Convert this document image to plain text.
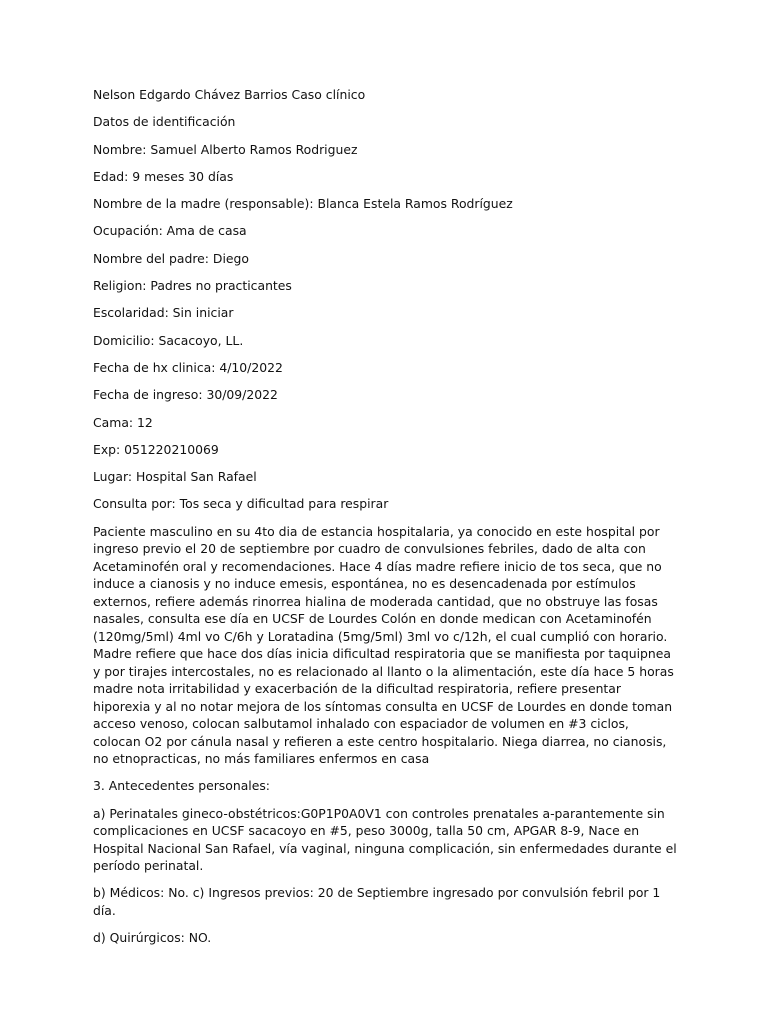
Nelson Edgardo Chávez Barrios Caso clínico

Datos de identificación

Nombre: Samuel Alberto Ramos Rodriguez

Edad: 9 meses 30 días

Nombre de la madre (responsable): Blanca Estela Ramos Rodríguez

Ocupación: Ama de casa

Nombre del padre: Diego

Religion: Padres no practicantes

Escolaridad: Sin iniciar

Domicilio: Sacacoyo, LL.

Fecha de hx clinica: 4/10/2022

Fecha de ingreso: 30/09/2022

Cama: 12

Exp: 051220210069

Lugar: Hospital San Rafael

Consulta por: Tos seca y dificultad para respirar

Paciente masculino en su 4to dia de estancia hospitalaria, ya conocido en este hospital por ingreso previo el 20 de septiembre por cuadro de convulsiones febriles, dado de alta con Acetaminofén oral y recomendaciones. Hace 4 días madre refiere inicio de tos seca, que no induce a cianosis y no induce emesis, espontánea, no es desencadenada por estímulos externos, refiere además rinorrea hialina de moderada cantidad, que no obstruye las fosas nasales, consulta ese día en UCSF de Lourdes Colón en donde medican con Acetaminofén (120mg/5ml) 4ml vo C/6h y Loratadina (5mg/5ml) 3ml vo c/12h, el cual cumplió con horario. Madre refiere que hace dos días inicia dificultad respiratoria que se manifiesta por taquipnea y por tirajes intercostales, no es relacionado al llanto o la alimentación, este día hace 5 horas madre nota irritabilidad y exacerbación de la dificultad respiratoria, refiere presentar hiporexia y al no notar mejora de los síntomas consulta en UCSF de Lourdes en donde toman acceso venoso, colocan salbutamol inhalado con espaciador de volumen en #3 ciclos, colocan O2 por cánula nasal y refieren a este centro hospitalario. Niega diarrea, no cianosis, no etnopracticas, no más familiares enfermos en casa

3. Antecedentes personales:

a) Perinatales gineco-obstétricos:G0P1P0A0V1 con controles prenatales a-parantemente sin complicaciones en UCSF sacacoyo en #5, peso 3000g, talla 50 cm, APGAR 8-9, Nace en Hospital Nacional San Rafael, vía vaginal, ninguna complicación, sin enfermedades durante el período perinatal.

b) Médicos: No. c) Ingresos previos: 20 de Septiembre ingresado por convulsión febril por 1 día.

d) Quirúrgicos: NO.
